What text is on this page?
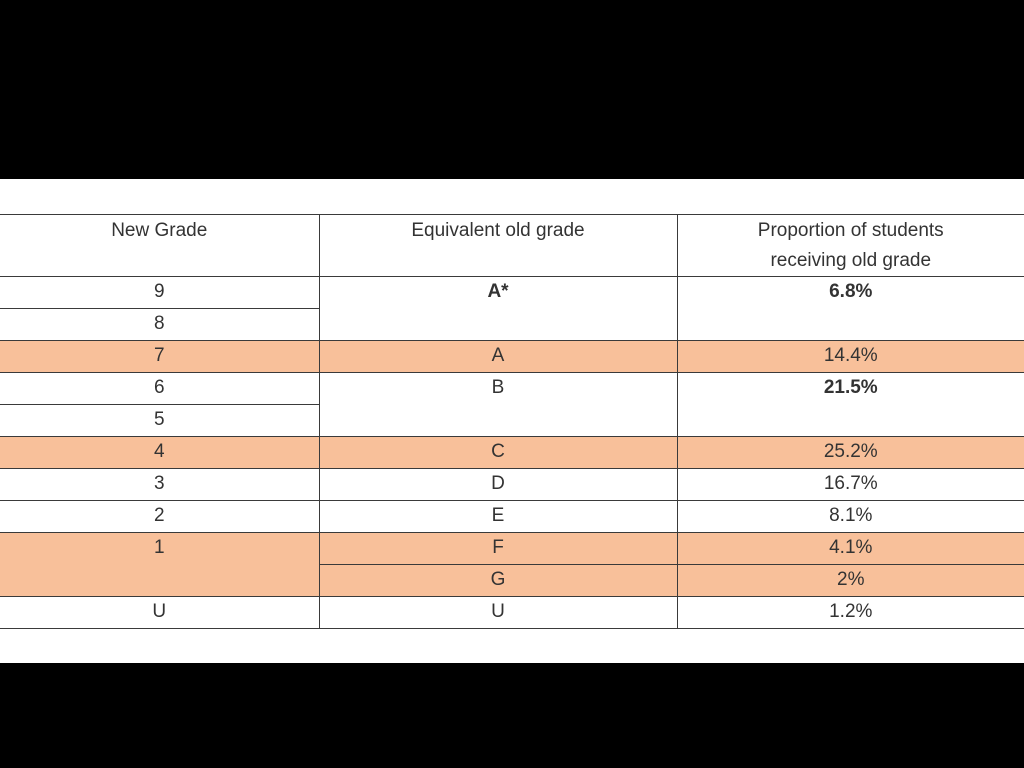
New Grade	Equivalent old grade	Proportion of students
receiving old grade

9	A*	6.8%
8		
7	A	14.4%
6	B	21.5%
5		
4	C	25.2%
3	D	16.7%
2	E	8.1%
1	F	4.1%
	G	2%
U	U	1.2%
